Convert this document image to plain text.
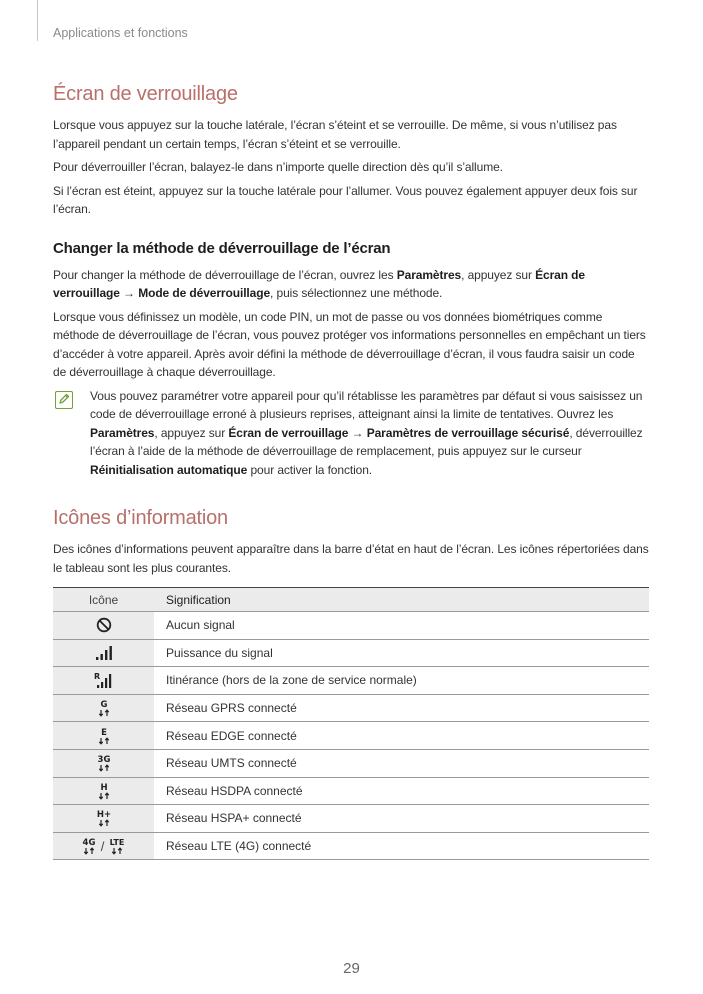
Applications et fonctions
Écran de verrouillage

Lorsque vous appuyez sur la touche latérale, l’écran s’éteint et se verrouille. De même, si vous n’utilisez pas l’appareil pendant un certain temps, l’écran s’éteint et se verrouille.

Pour déverrouiller l’écran, balayez-le dans n’importe quelle direction dès qu’il s’allume.

Si l’écran est éteint, appuyez sur la touche latérale pour l’allumer. Vous pouvez également appuyer deux fois sur l’écran.

Changer la méthode de déverrouillage de l’écran

Pour changer la méthode de déverrouillage de l’écran, ouvrez les Paramètres, appuyez sur Écran de verrouillage → Mode de déverrouillage, puis sélectionnez une méthode.

Lorsque vous définissez un modèle, un code PIN, un mot de passe ou vos données biométriques comme méthode de déverrouillage de l’écran, vous pouvez protéger vos informations personnelles en empêchant un tiers d’accéder à votre appareil. Après avoir défini la méthode de déverrouillage d’écran, il vous faudra saisir un code de déverrouillage à chaque déverrouillage.

Vous pouvez paramétrer votre appareil pour qu’il rétablisse les paramètres par défaut si vous saisissez un code de déverrouillage erroné à plusieurs reprises, atteignant ainsi la limite de tentatives. Ouvrez les Paramètres, appuyez sur Écran de verrouillage → Paramètres de verrouillage sécurisé, déverrouillez l’écran à l’aide de la méthode de déverrouillage de remplacement, puis appuyez sur le curseur Réinitialisation automatique pour activer la fonction.

Icônes d’information

Des icônes d’informations peuvent apparaître dans la barre d’état en haut de l’écran. Les icônes répertoriées dans le tableau sont les plus courantes.

Icône	Signification
	Aucun signal
	Puissance du signal

R	Itinérance (hors de la zone de service normale)

G	Réseau GPRS connecté

E	Réseau EDGE connecté

3G	Réseau UMTS connecté

H	Réseau HSDPA connecté

H+	Réseau HSPA+ connecté

4G / LTE	Réseau LTE (4G) connecté
29
